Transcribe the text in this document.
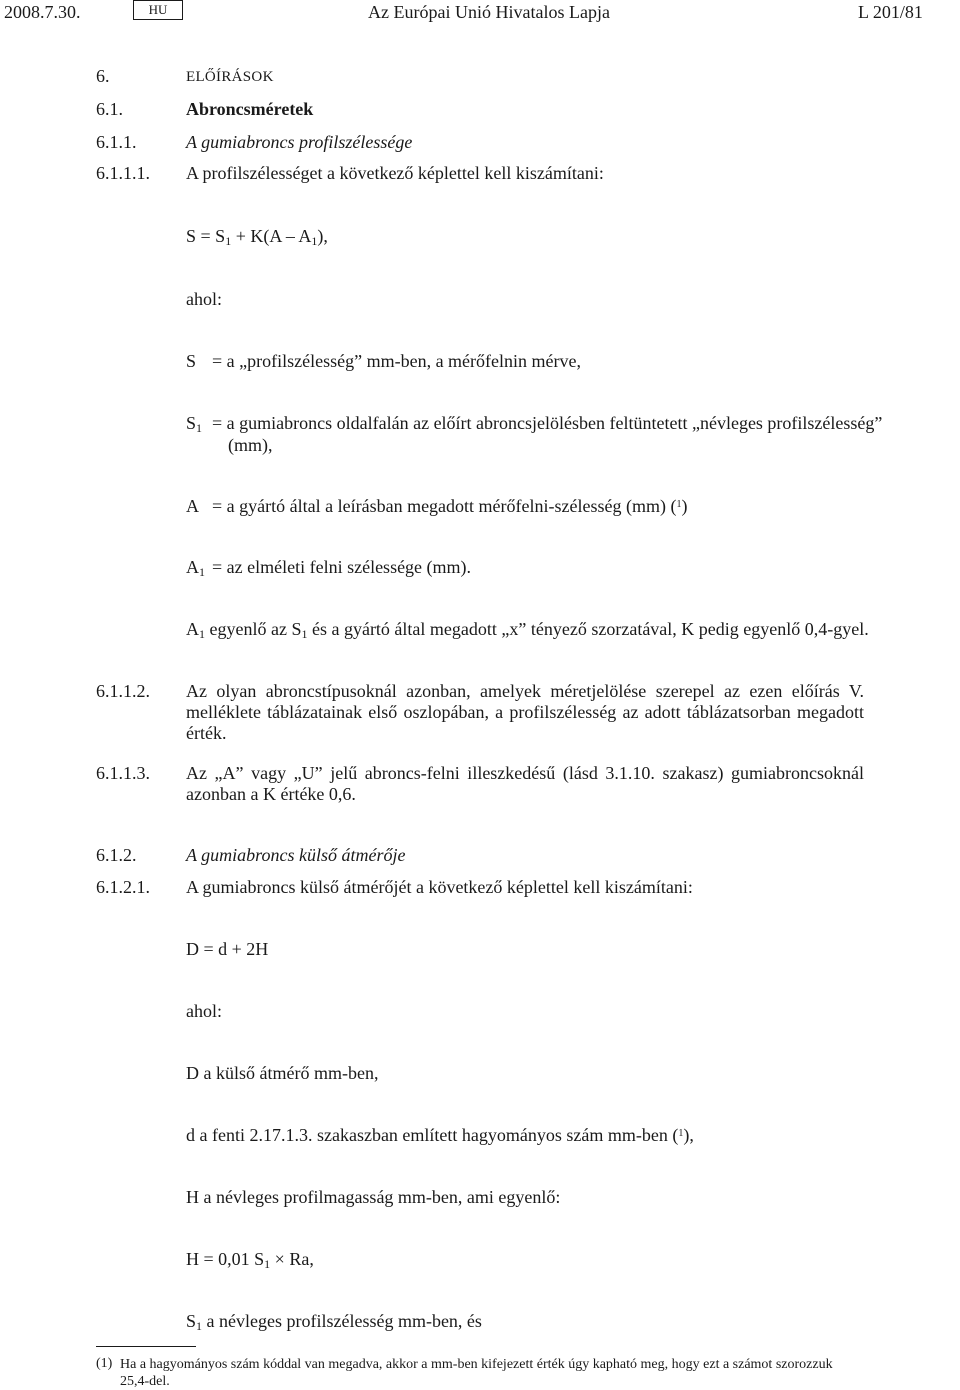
2008.7.30.	HU	Az Európai Unió Hivatalos Lapja	L 201/81
6.	ELŐÍRÁSOK
6.1.	Abroncsméretek
6.1.1.	A gumiabroncs profilszélessége
6.1.1.1. A profilszélességet a következő képlettel kell kiszámítani:
$S = S_1 + K(A - A_1)$,
ahol:
S = a „profilszélesség” mm-ben, a mérőfelnin mérve,
$S_1 = a$ gumiabroncs oldalfalán az előírt abroncsjelölésben feltüntetett „névleges profilszélesség”
(mm),
A = a gyártó által a leírásban megadott mérőfelni-szélesség (mm) ($^1$)
$A_1$ = az elméleti felni szélessége (mm).
$A_1$ egyenlő az $S_1$ és a gyártó által megadott „x” tényező szorzatával, K pedig egyenlő 0,4-gyel.
6.1.1.2. Az olyan abroncstípusoknál azonban, amelyek méretjelölése szerepel az ezen előírás V. melléklete táblázatainak első oszlopában, a profilszélesség az adott táblázatsorban megadott érték.
6.1.1.3. Az „A” vagy „U” jelű abroncs-felni illeszkedésű (lásd 3.1.10. szakasz) gumiabroncsoknál azonban a K értéke 0,6.
6.1.2.	A gumiabroncs külső átmérője
6.1.2.1. A gumiabroncs külső átmérőjét a következő képlettel kell kiszámítani:
D = d + 2H
ahol:
D a külső átmérő mm-ben,
d a fenti 2.17.1.3. szakaszban említett hagyományos szám mm-ben ($^1$),
H a névleges profilmagasság mm-ben, ami egyenlő:
H = 0,01 $S_1 \times Ra$,
$S_1$ a névleges profilszélesség mm-ben, és
(1) Ha a hagyományos szám kóddal van megadva, akkor a mm-ben kifejezett érték úgy kapható meg, hogy ezt a számot szorozzuk 25,4-del.
